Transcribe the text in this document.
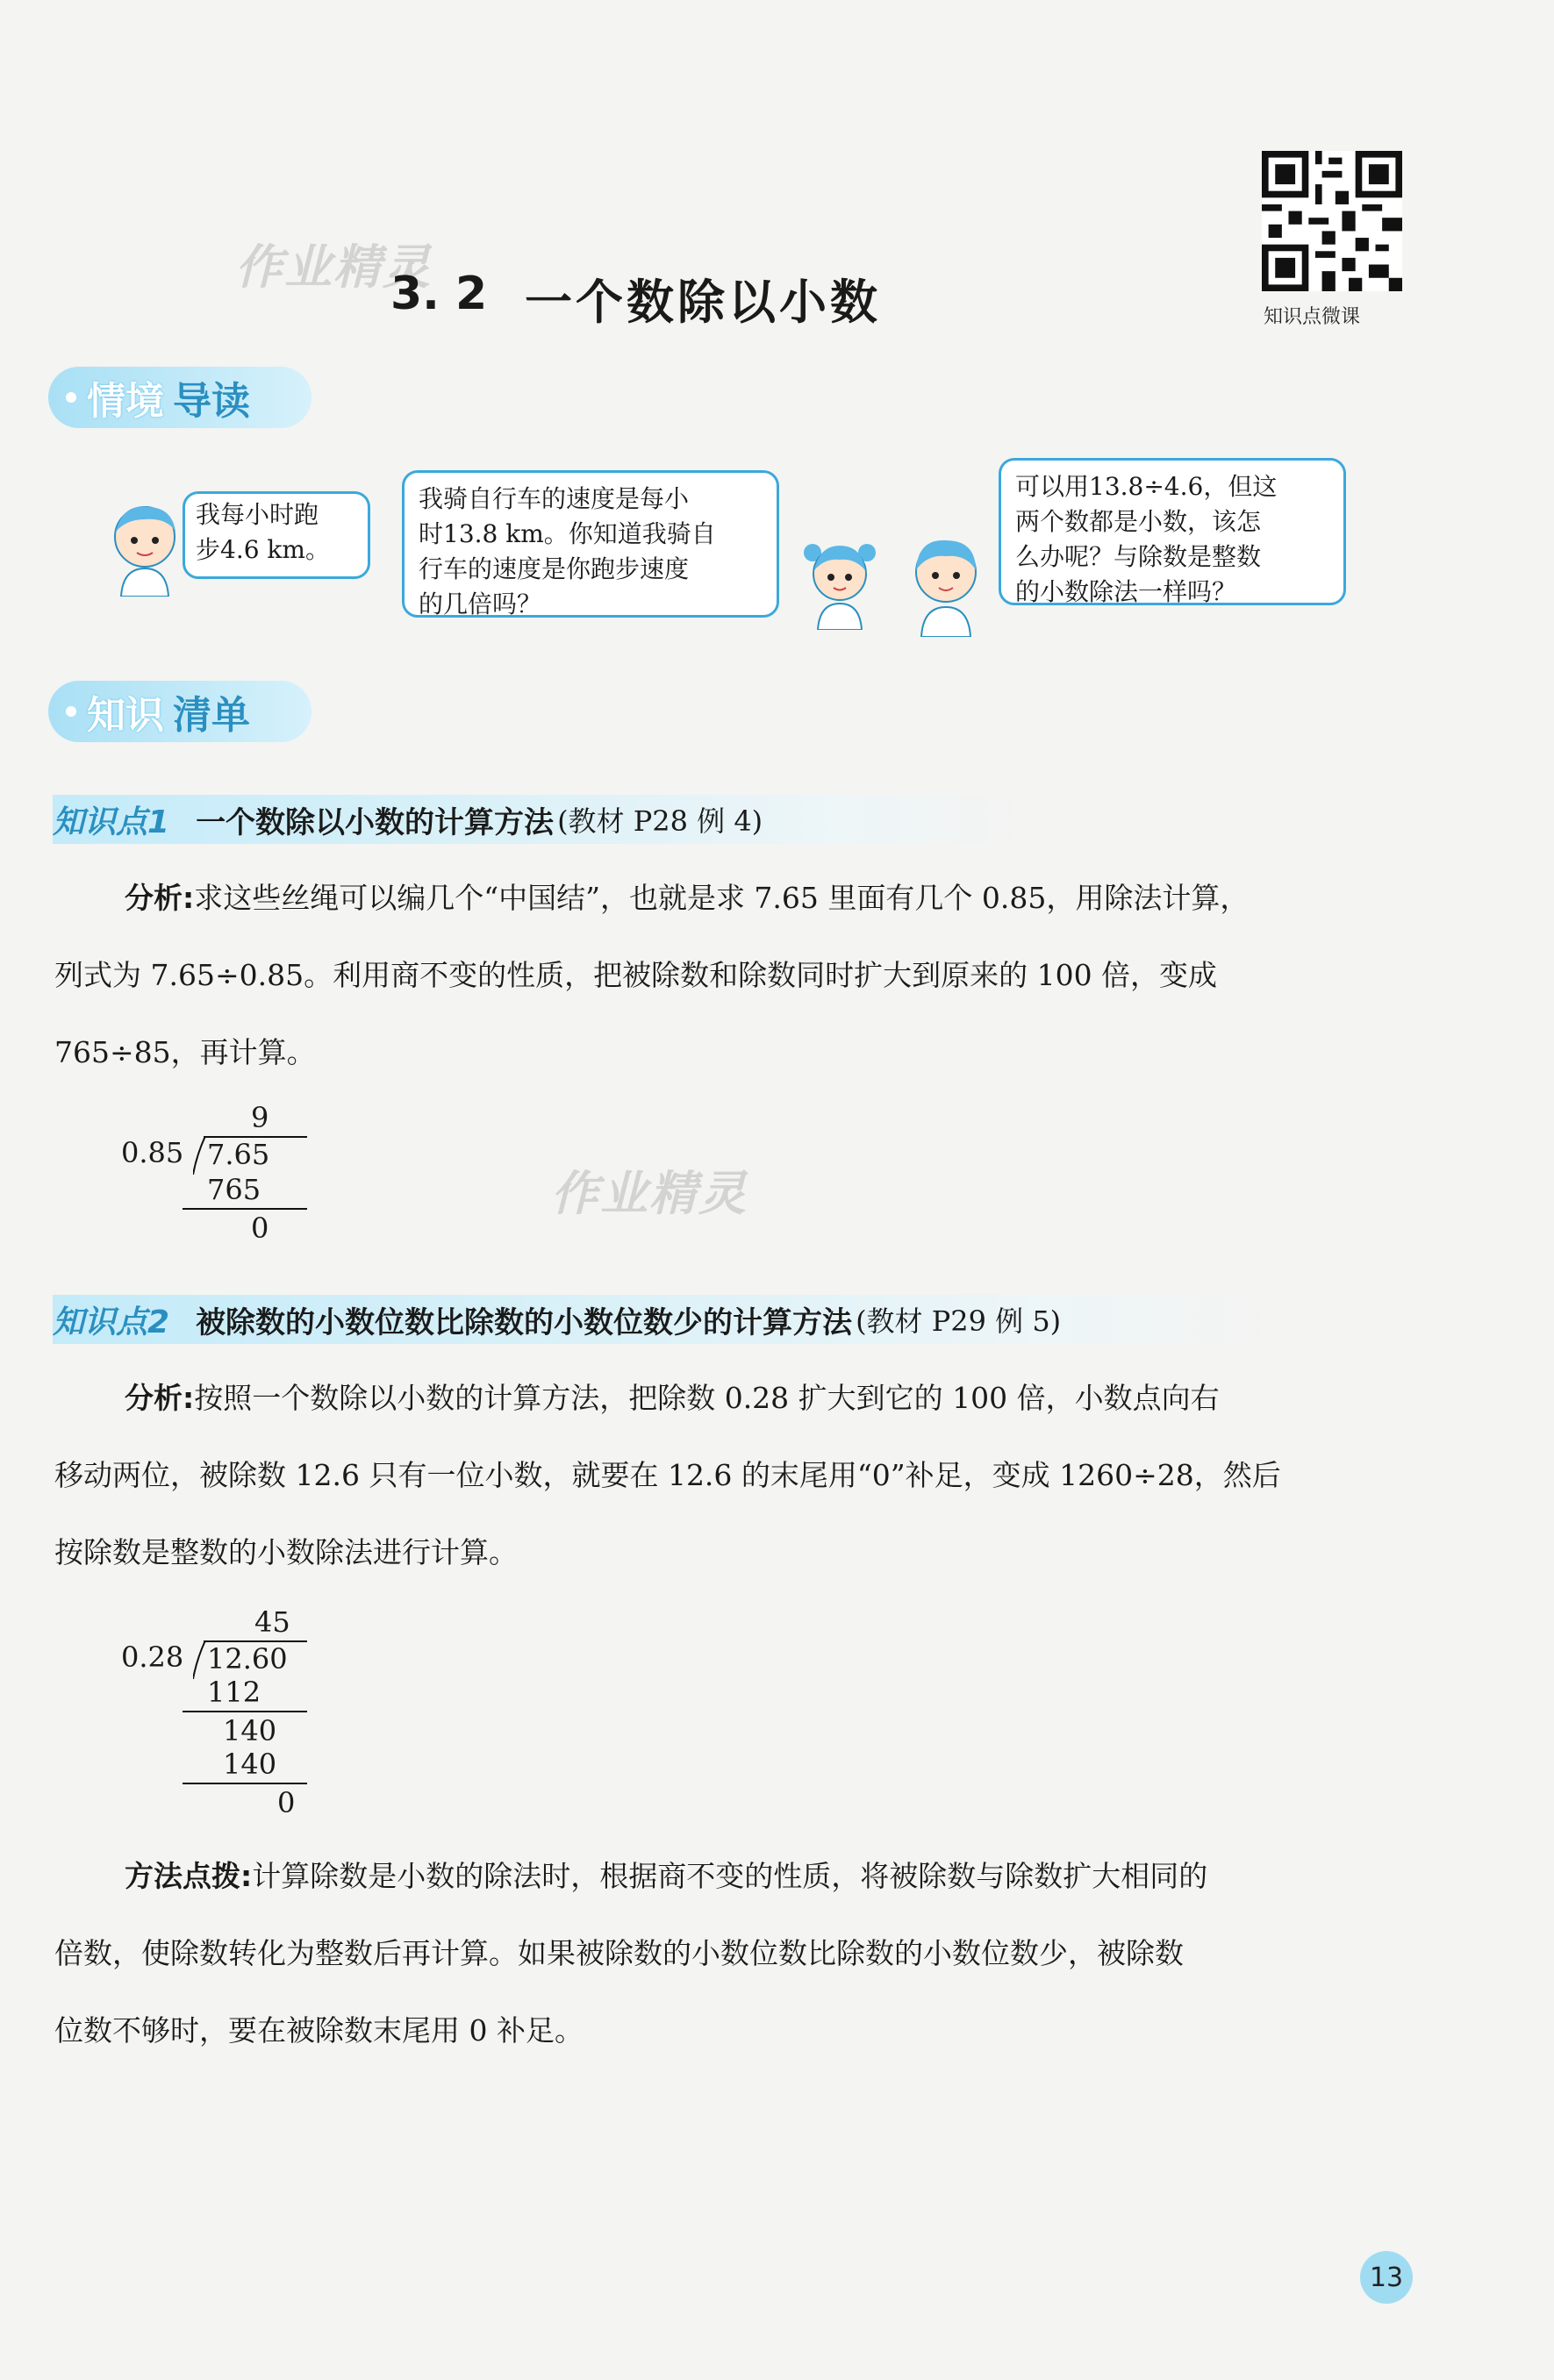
作业精灵
作业精灵
3. 2 一个数除以小数	知识点微课
情境 导读
我每小时跑
步4.6 km。
我骑自行车的速度是每小
时13.8 km。你知道我骑自
行车的速度是你跑步速度
的几倍吗？
可以用13.8÷4.6，但这
两个数都是小数，该怎
么办呢？与除数是整数
的小数除法一样吗？
知识 清单
知识点1 一个数除以小数的计算方法 (教材 P28 例 4)
分析:求这些丝绳可以编几个“中国结”，也就是求 7.65 里面有几个 0.85，用除法计算，
列式为 7.65÷0.85。利用商不变的性质，把被除数和除数同时扩大到原来的 100 倍，变成
765÷85，再计算。
9
0.85 7.65
765
0
知识点2 被除数的小数位数比除数的小数位数少的计算方法 (教材 P29 例 5)
分析:按照一个数除以小数的计算方法，把除数 0.28 扩大到它的 100 倍，小数点向右
移动两位，被除数 12.6 只有一位小数，就要在 12.6 的末尾用“0”补足，变成 1260÷28，然后
按除数是整数的小数除法进行计算。
45
0.28 12.60
112
140
140
0
方法点拨:计算除数是小数的除法时，根据商不变的性质，将被除数与除数扩大相同的
倍数，使除数转化为整数后再计算。如果被除数的小数位数比除数的小数位数少，被除数
位数不够时，要在被除数末尾用 0 补足。
13
